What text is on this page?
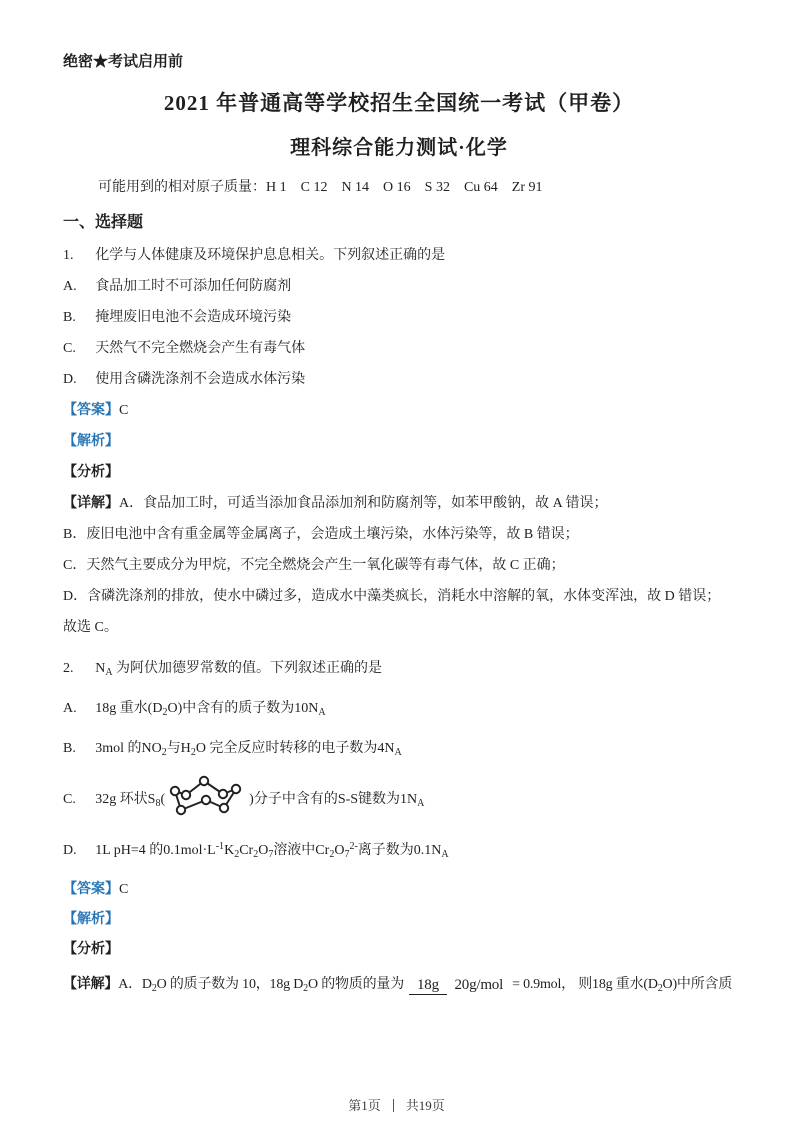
绝密★考试启用前

2021 年普通高等学校招生全国统一考试（甲卷）
理科综合能力测试·化学

可能用到的相对原子质量：H 1　C 12　N 14　O 16　S 32　Cu 64　Zr 91

一、选择题

1. 化学与人体健康及环境保护息息相关。下列叙述正确的是

A. 食品加工时不可添加任何防腐剂

B. 掩埋废旧电池不会造成环境污染

C. 天然气不完全燃烧会产生有毒气体

D. 使用含磷洗涤剂不会造成水体污染

【答案】C

【解析】

【分析】

【详解】A．食品加工时，可适当添加食品添加剂和防腐剂等，如苯甲酸钠，故 A 错误；

B．废旧电池中含有重金属等金属离子，会造成土壤污染，水体污染等，故 B 错误；

C．天然气主要成分为甲烷，不完全燃烧会产生一氧化碳等有毒气体，故 C 正确；

D．含磷洗涤剂的排放，使水中磷过多，造成水中藻类疯长，消耗水中溶解的氧，水体变浑浊，故 D 错误；

故选 C。

2. $N_A$ 为阿伏加德罗常数的值。下列叙述正确的是

A. 18g 重水$(D_2O)$中含有的质子数为$10N_A$

B. 3mol 的$NO_2$与$H_2O$ 完全反应时转移的电子数为$4N_A$

C. 32g 环状$S_8$(	)分子中含有的S-S键数为$1N_A$

D. 1L pH=4 的$0.1mol\cdot L^{-1}K_2Cr_2O_7$溶液中$Cr_2O_7^{2-}$离子数为$0.1N_A$

【答案】C

【解析】

【分析】

【详解】A．$D_2O$ 的质子数为 10，18g $D_2O$ 的物质的量为 18g 20g/mol = 0.9mol， 则18g 重水$(D_2O)$中所含质
第1页 共19页
